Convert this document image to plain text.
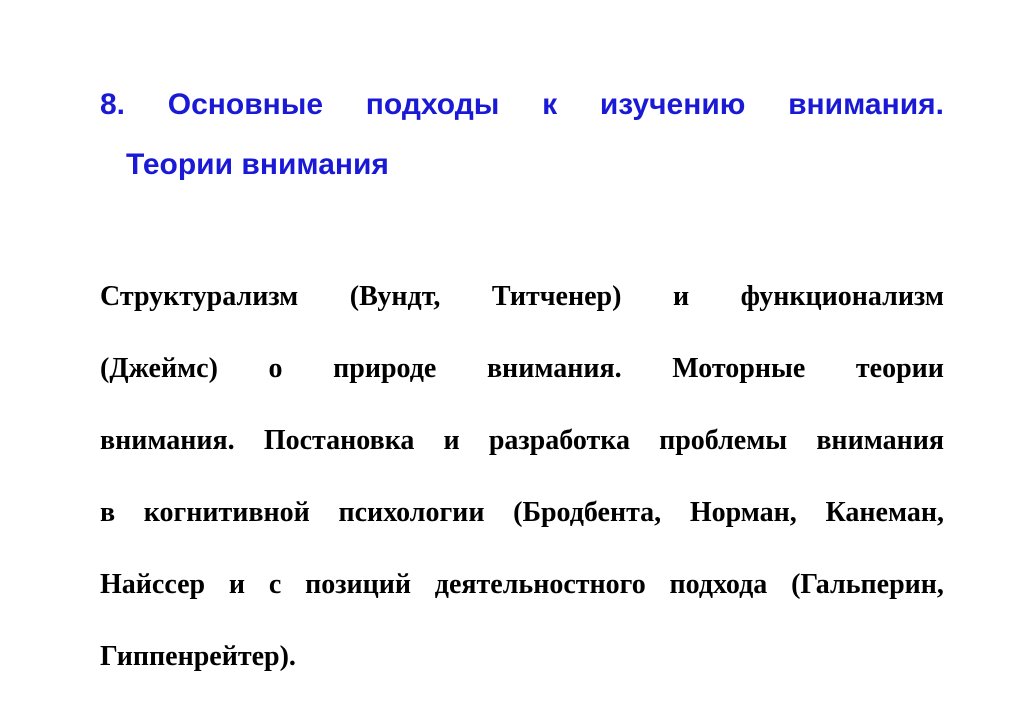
8. Основные подходы к изучению внимания.
Теории внимания
Структурализм (Вундт, Титченер) и функционализм
(Джеймс) о природе внимания. Моторные теории
внимания. Постановка и разработка проблемы внимания
в когнитивной психологии (Бродбента, Норман, Канеман,
Найссер и с позиций деятельностного подхода (Гальперин,
Гиппенрейтер).
